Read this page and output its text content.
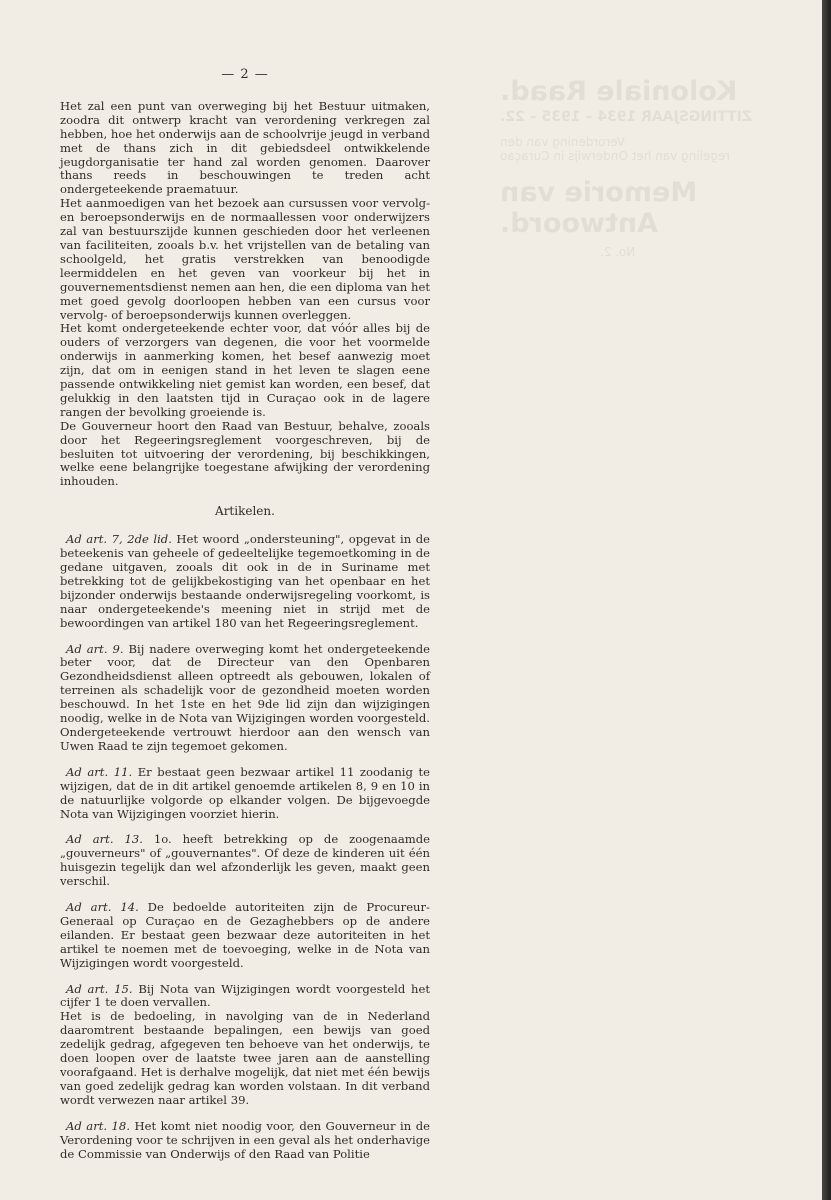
Koloniale Raad.
ZITTINGSJAAR 1934 – 1935 – 22.
Verordening van den
regeling van het Onderwijs in Curaçao
Memorie van Antwoord.
No. 2.
— 2 —

Het zal een punt van overweging bij het Bestuur uitmaken, zoodra dit ontwerp kracht van verordening verkregen zal hebben, hoe het onderwijs aan de schoolvrije jeugd in verband met de thans zich in dit gebiedsdeel ontwikkelende jeugdorganisatie ter hand zal worden genomen. Daarover thans reeds in beschouwingen te treden acht ondergeteekende praematuur.

Het aanmoedigen van het bezoek aan cursussen voor vervolg- en beroepsonderwijs en de normaallessen voor onderwijzers zal van bestuurszijde kunnen geschieden door het verleenen van faciliteiten, zooals b.v. het vrijstellen van de betaling van schoolgeld, het gratis verstrekken van benoodigde leermiddelen en het geven van voorkeur bij het in gouvernementsdienst nemen aan hen, die een diploma van het met goed gevolg doorloopen hebben van een cursus voor vervolg- of beroepsonderwijs kunnen overleggen.

Het komt ondergeteekende echter voor, dat vóór alles bij de ouders of verzorgers van degenen, die voor het voormelde onderwijs in aanmerking komen, het besef aanwezig moet zijn, dat om in eenigen stand in het leven te slagen eene passende ontwikkeling niet gemist kan worden, een besef, dat gelukkig in den laatsten tijd in Curaçao ook in de lagere rangen der bevolking groeiende is.

De Gouverneur hoort den Raad van Bestuur, behalve, zooals door het Regeeringsreglement voorgeschreven, bij de besluiten tot uitvoering der verordening, bij beschikkingen, welke eene belangrijke toegestane afwijking der verordening inhouden.

Artikelen.

Ad art. 7, 2de lid. Het woord „ondersteuning", opgevat in de beteekenis van geheele of gedeeltelijke tegemoetkoming in de gedane uitgaven, zooals dit ook in de in Suriname met betrekking tot de gelijkbekostiging van het openbaar en het bijzonder onderwijs bestaande onderwijsregeling voorkomt, is naar ondergeteekende's meening niet in strijd met de bewoordingen van artikel 180 van het Regeeringsreglement.

Ad art. 9. Bij nadere overweging komt het ondergeteekende beter voor, dat de Directeur van den Openbaren Gezondheidsdienst alleen optreedt als gebouwen, lokalen of terreinen als schadelijk voor de gezondheid moeten worden beschouwd. In het 1ste en het 9de lid zijn dan wijzigingen noodig, welke in de Nota van Wijzigingen worden voorgesteld. Ondergeteekende vertrouwt hierdoor aan den wensch van Uwen Raad te zijn tegemoet gekomen.

Ad art. 11. Er bestaat geen bezwaar artikel 11 zoodanig te wijzigen, dat de in dit artikel genoemde artikelen 8, 9 en 10 in de natuurlijke volgorde op elkander volgen. De bijgevoegde Nota van Wijzigingen voorziet hierin.

Ad art. 13. 1o. heeft betrekking op de zoogenaamde „gouverneurs" of „gouvernantes". Of deze de kinderen uit één huisgezin tegelijk dan wel afzonderlijk les geven, maakt geen verschil.

Ad art. 14. De bedoelde autoriteiten zijn de Procureur-Generaal op Curaçao en de Gezaghebbers op de andere eilanden. Er bestaat geen bezwaar deze autoriteiten in het artikel te noemen met de toevoeging, welke in de Nota van Wijzigingen wordt voorgesteld.

Ad art. 15. Bij Nota van Wijzigingen wordt voorgesteld het cijfer 1 te doen vervallen.

Het is de bedoeling, in navolging van de in Nederland daaromtrent bestaande bepalingen, een bewijs van goed zedelijk gedrag, afgegeven ten behoeve van het onderwijs, te doen loopen over de laatste twee jaren aan de aanstelling voorafgaand. Het is derhalve mogelijk, dat niet met één bewijs van goed zedelijk gedrag kan worden volstaan. In dit verband wordt verwezen naar artikel 39.

Ad art. 18. Het komt niet noodig voor, den Gouverneur in de Verordening voor te schrijven in een geval als het onderhavige de Commissie van Onderwijs of den Raad van Politie
